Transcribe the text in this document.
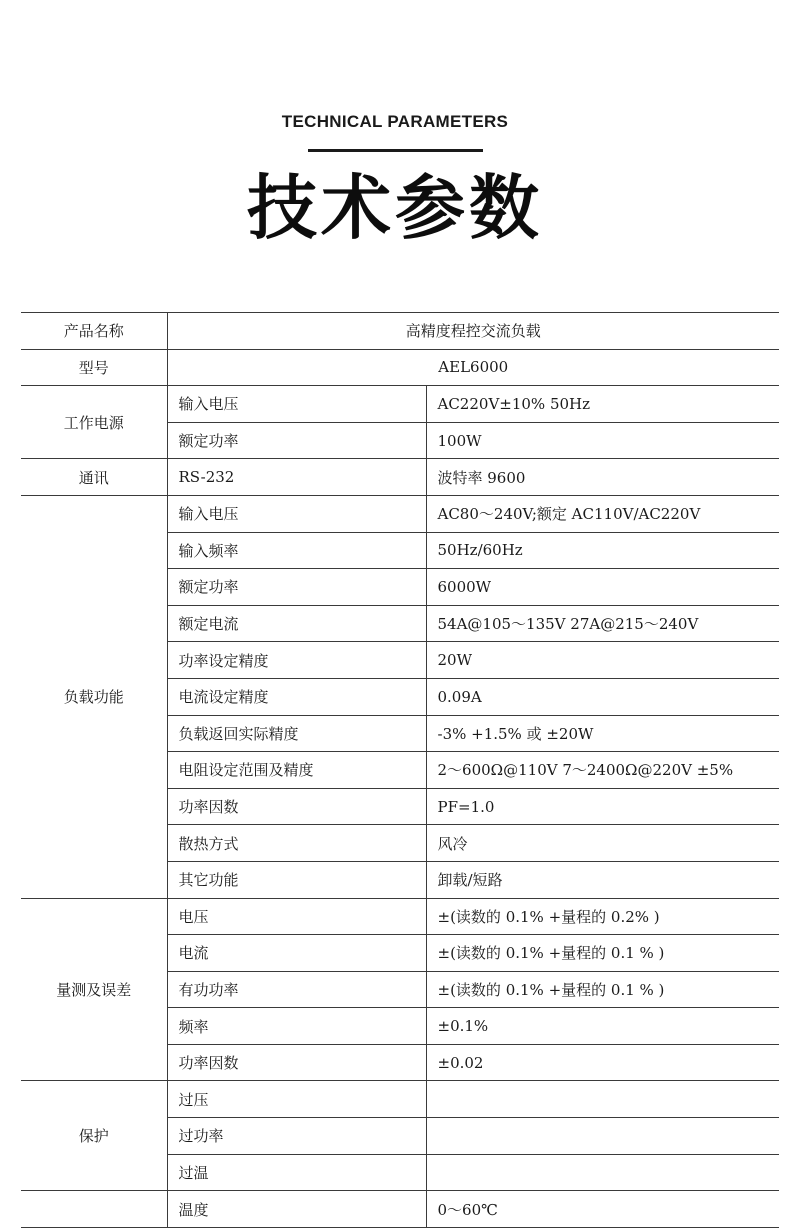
TECHNICAL PARAMETERS
技术参数
产品名称	高精度程控交流负载	
型号	AEL6000	
工作电源	输入电压	AC220V±10% 50Hz
	额定功率	100W
通讯	RS-232	波特率 9600
负载功能	输入电压	AC80～240V;额定 AC110V/AC220V
	输入频率	50Hz/60Hz
	额定功率	6000W
	额定电流	54A@105～135V 27A@215～240V
	功率设定精度	20W
	电流设定精度	0.09A
	负载返回实际精度	-3% +1.5% 或 ±20W
	电阻设定范围及精度	2～600Ω@110V 7～2400Ω@220V ±5%
	功率因数	PF=1.0
	散热方式	风冷
	其它功能	卸载/短路
量测及误差	电压	±(读数的 0.1% +量程的 0.2% )
	电流	±(读数的 0.1% +量程的 0.1 % )
	有功功率	±(读数的 0.1% +量程的 0.1 % )
	频率	±0.1%
	功率因数	±0.02
保护	过压	
	过功率	
	过温	
	温度	0～60℃
